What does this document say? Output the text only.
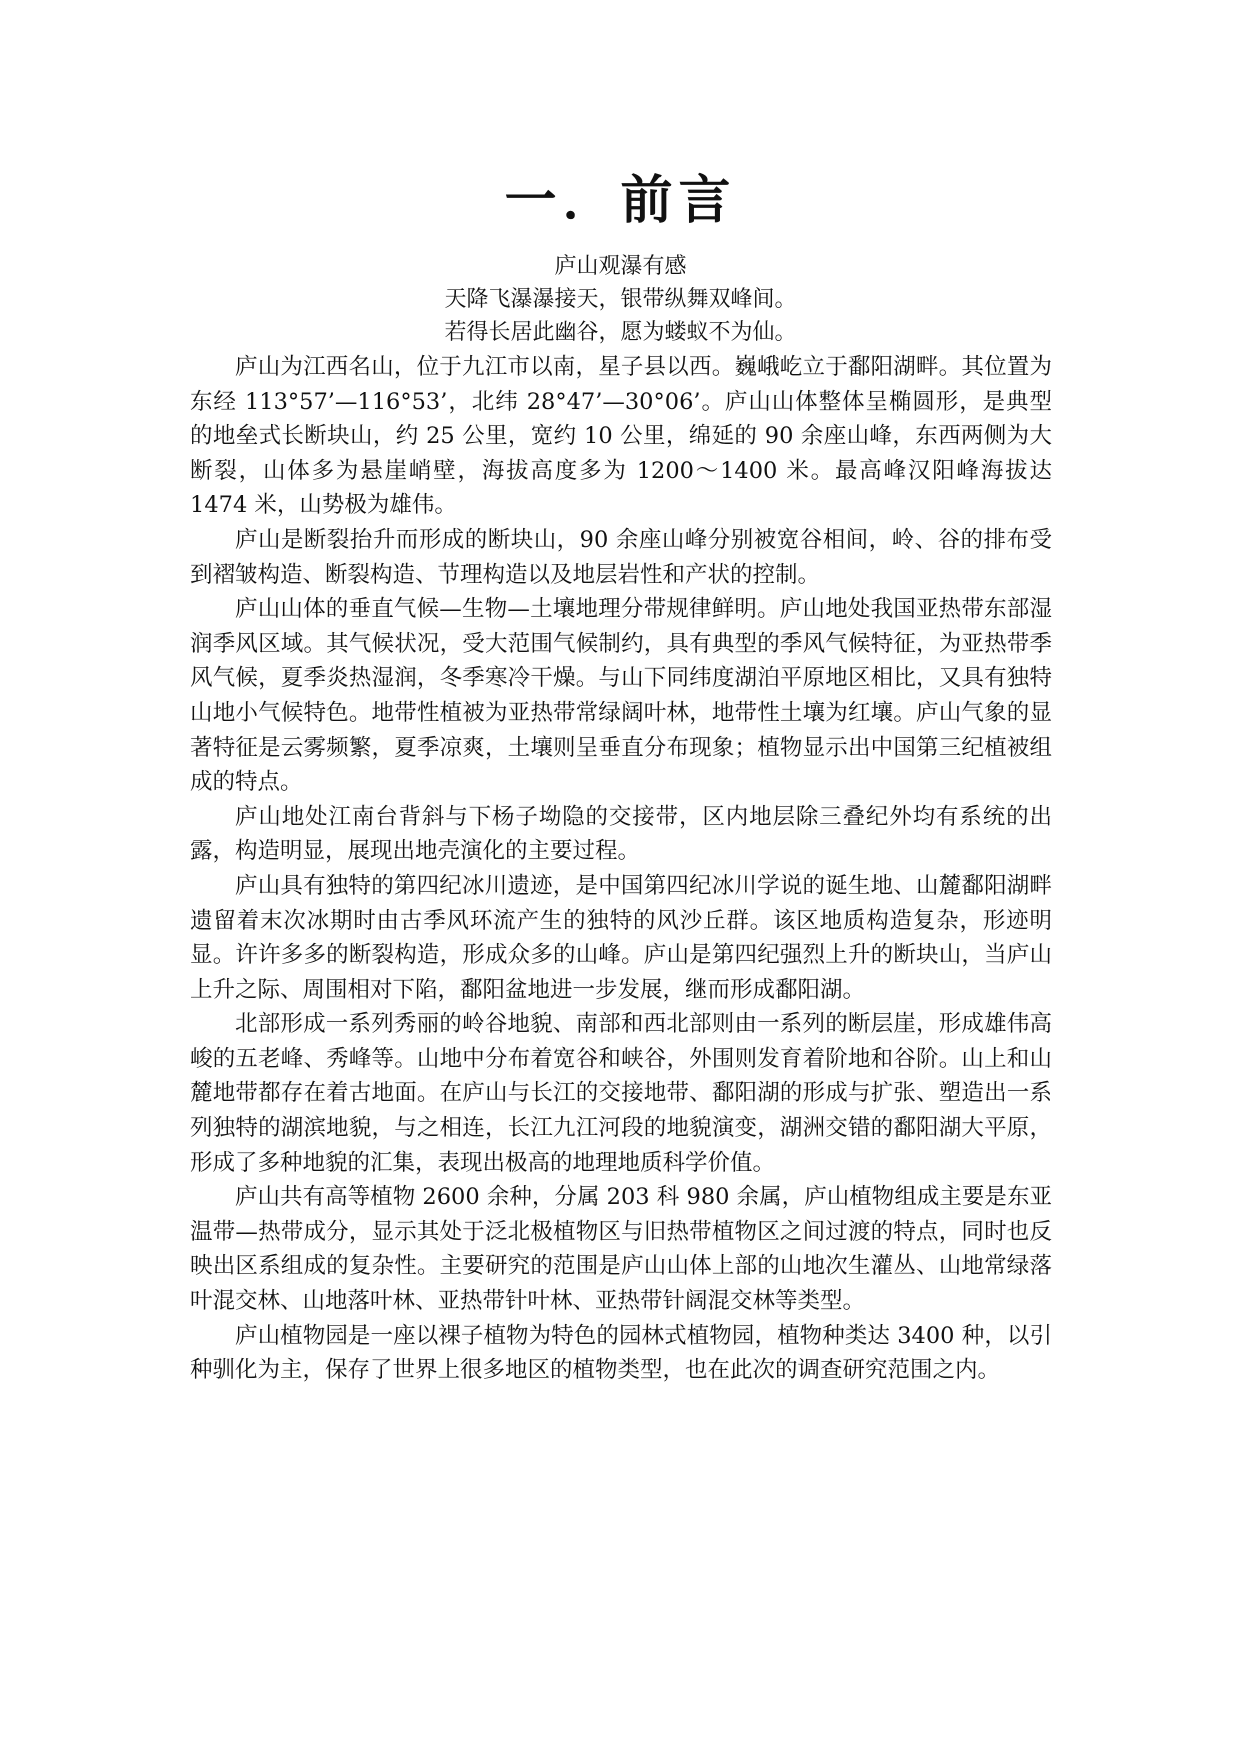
一．前言
庐山观瀑有感
天降飞瀑瀑接天，银带纵舞双峰间。
若得长居此幽谷，愿为蝼蚁不为仙。

庐山为江西名山，位于九江市以南，星子县以西。巍峨屹立于鄱阳湖畔。其位置为东经 113°57’—116°53’，北纬 28°47’—30°06’。庐山山体整体呈椭圆形，是典型的地垒式长断块山，约 25 公里，宽约 10 公里，绵延的 90 余座山峰，东西两侧为大断裂，山体多为悬崖峭壁，海拔高度多为 1200～1400 米。最高峰汉阳峰海拔达 1474 米，山势极为雄伟。

庐山是断裂抬升而形成的断块山，90 余座山峰分别被宽谷相间，岭、谷的排布受到褶皱构造、断裂构造、节理构造以及地层岩性和产状的控制。

庐山山体的垂直气候—生物—土壤地理分带规律鲜明。庐山地处我国亚热带东部湿润季风区域。其气候状况，受大范围气候制约，具有典型的季风气候特征，为亚热带季风气候，夏季炎热湿润，冬季寒冷干燥。与山下同纬度湖泊平原地区相比，又具有独特山地小气候特色。地带性植被为亚热带常绿阔叶林，地带性土壤为红壤。庐山气象的显著特征是云雾频繁，夏季凉爽，土壤则呈垂直分布现象；植物显示出中国第三纪植被组成的特点。

庐山地处江南台背斜与下杨子坳隐的交接带，区内地层除三叠纪外均有系统的出露，构造明显，展现出地壳演化的主要过程。

庐山具有独特的第四纪冰川遗迹，是中国第四纪冰川学说的诞生地、山麓鄱阳湖畔遗留着末次冰期时由古季风环流产生的独特的风沙丘群。该区地质构造复杂，形迹明显。许许多多的断裂构造，形成众多的山峰。庐山是第四纪强烈上升的断块山，当庐山上升之际、周围相对下陷，鄱阳盆地进一步发展，继而形成鄱阳湖。

北部形成一系列秀丽的岭谷地貌、南部和西北部则由一系列的断层崖，形成雄伟高峻的五老峰、秀峰等。山地中分布着宽谷和峡谷，外围则发育着阶地和谷阶。山上和山麓地带都存在着古地面。在庐山与长江的交接地带、鄱阳湖的形成与扩张、塑造出一系列独特的湖滨地貌，与之相连，长江九江河段的地貌演变，湖洲交错的鄱阳湖大平原，形成了多种地貌的汇集，表现出极高的地理地质科学价值。

庐山共有高等植物 2600 余种，分属 203 科 980 余属，庐山植物组成主要是东亚温带—热带成分，显示其处于泛北极植物区与旧热带植物区之间过渡的特点，同时也反映出区系组成的复杂性。主要研究的范围是庐山山体上部的山地次生灌丛、山地常绿落叶混交林、山地落叶林、亚热带针叶林、亚热带针阔混交林等类型。

庐山植物园是一座以裸子植物为特色的园林式植物园，植物种类达 3400 种，以引种驯化为主，保存了世界上很多地区的植物类型，也在此次的调查研究范围之内。
